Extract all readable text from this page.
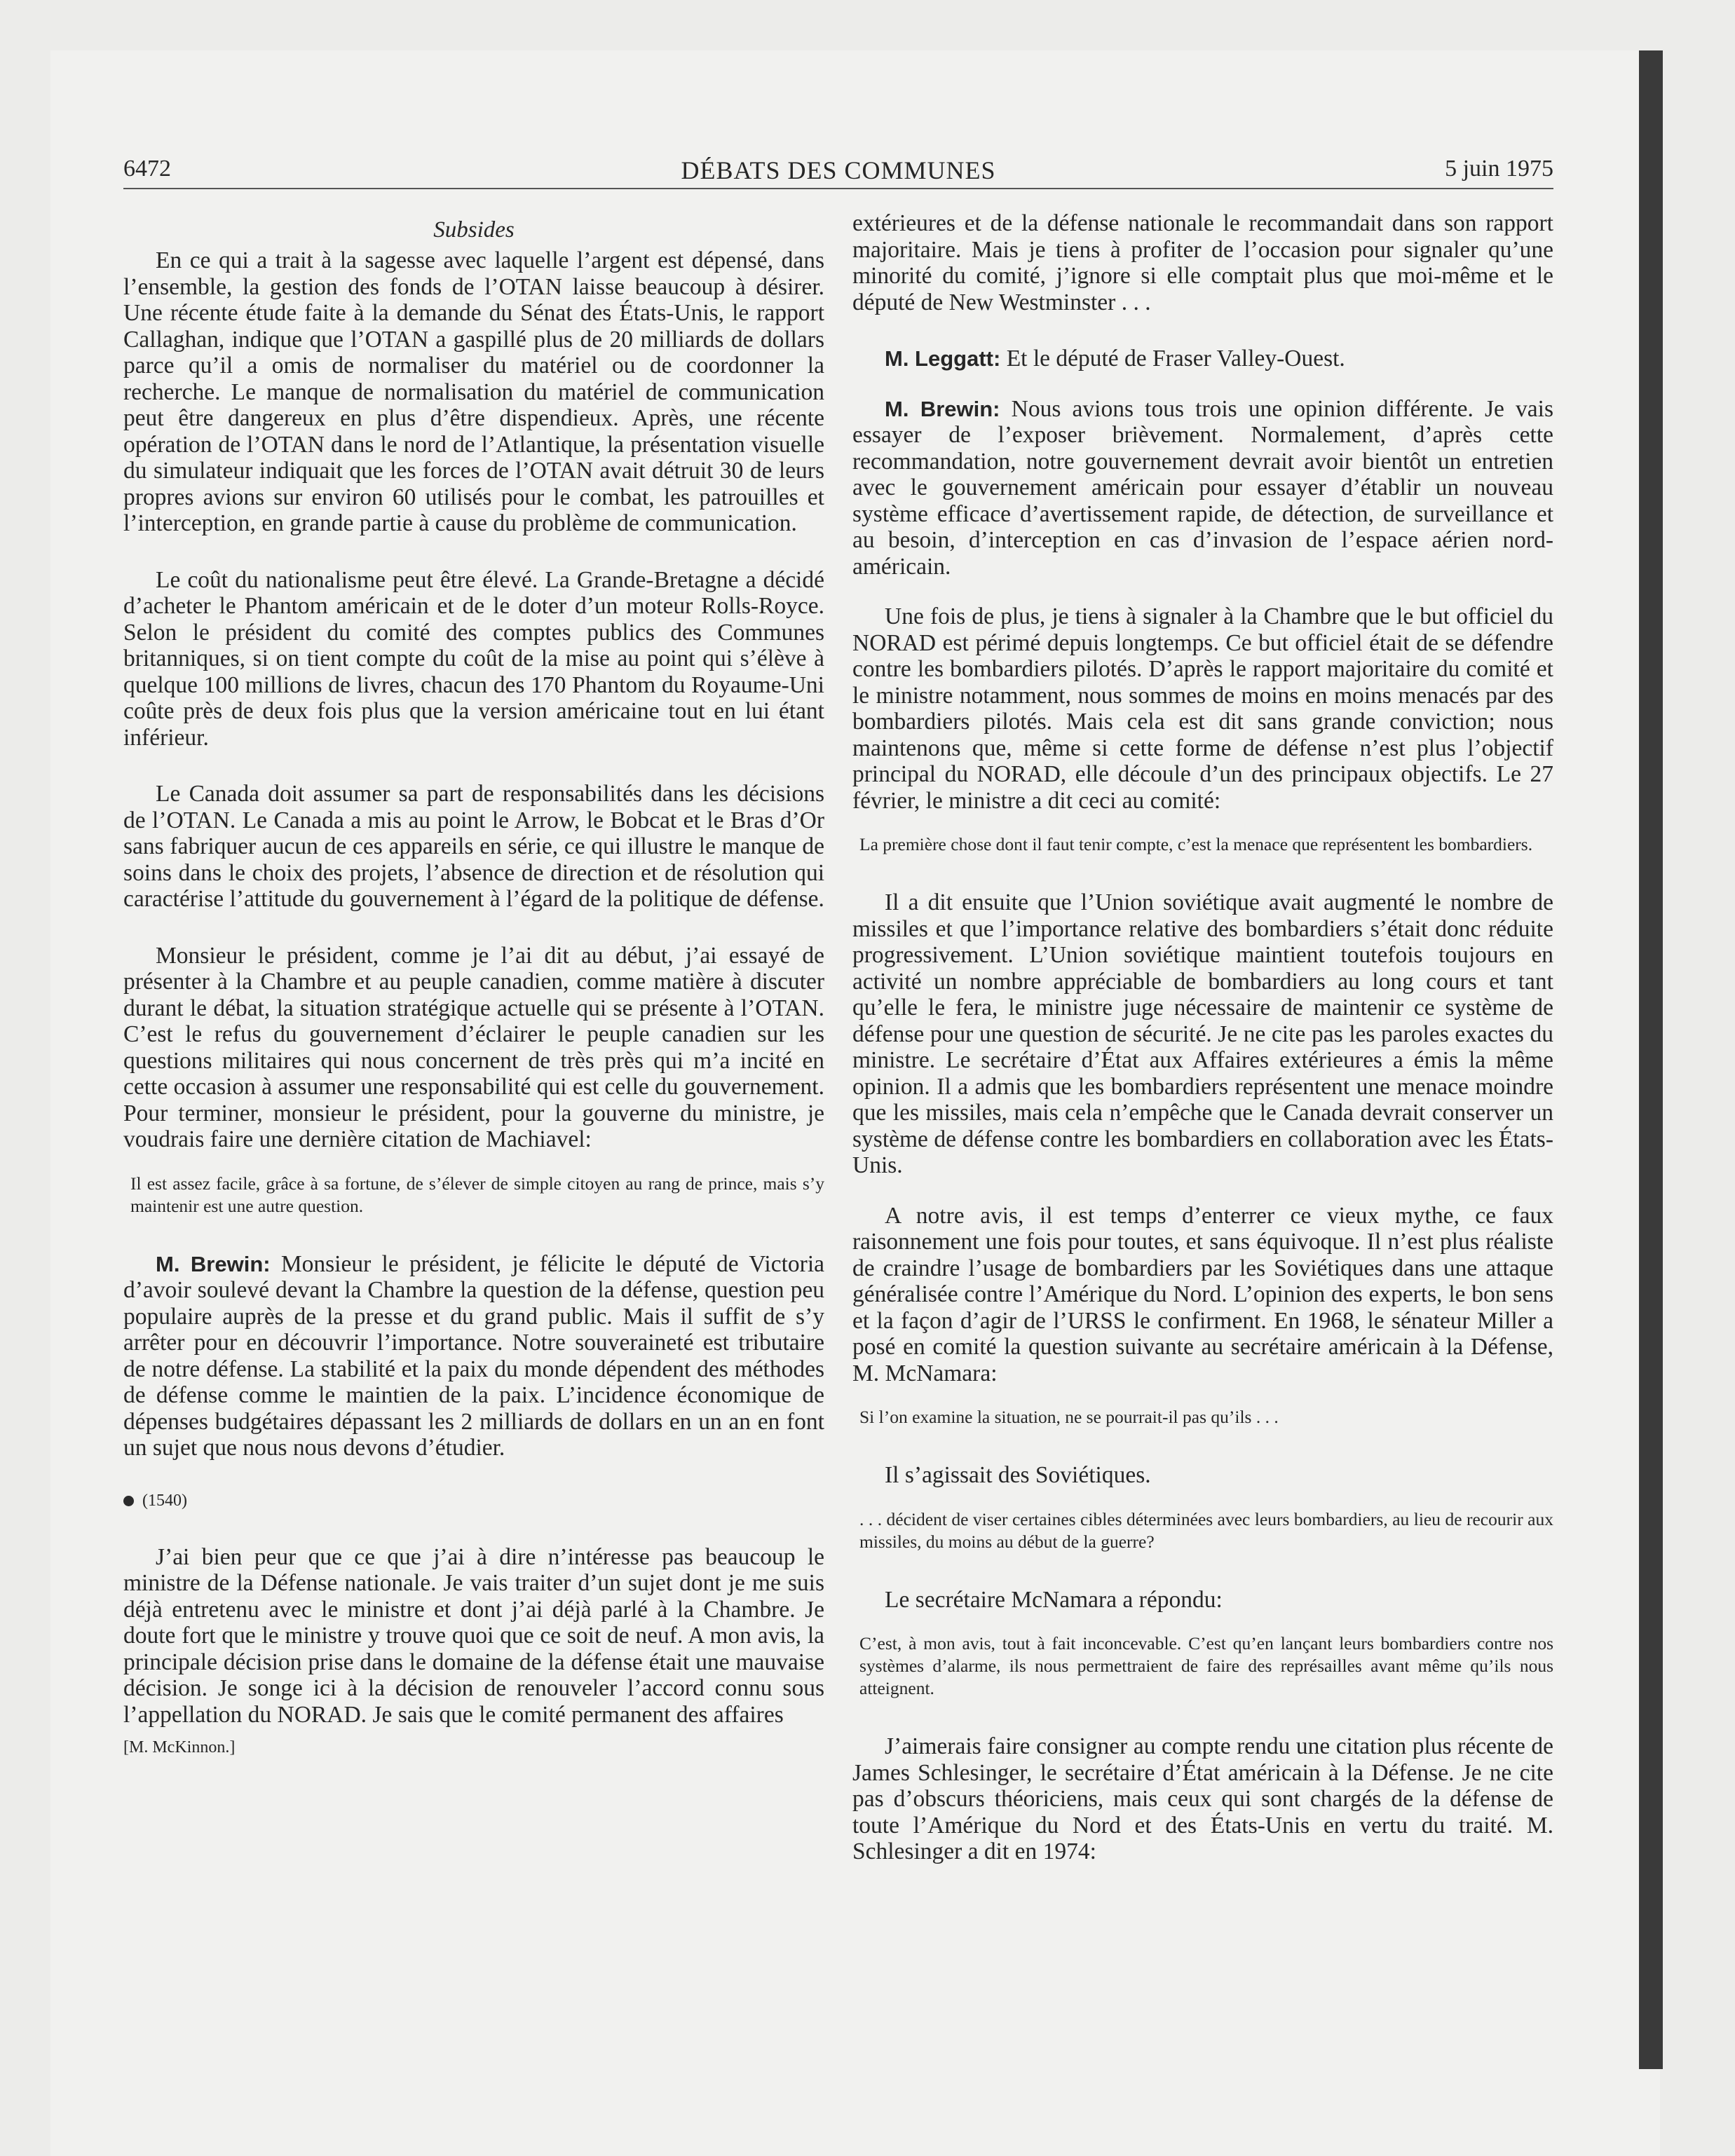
6472	DÉBATS DES COMMUNES	5 juin 1975
Subsides

En ce qui a trait à la sagesse avec laquelle l’argent est dépensé, dans l’ensemble, la gestion des fonds de l’OTAN laisse beaucoup à désirer. Une récente étude faite à la demande du Sénat des États-Unis, le rapport Callaghan, indique que l’OTAN a gaspillé plus de 20 milliards de dollars parce qu’il a omis de normaliser du matériel ou de coordonner la recherche. Le manque de normalisation du matériel de communication peut être dangereux en plus d’être dispendieux. Après, une récente opération de l’OTAN dans le nord de l’Atlantique, la présentation visuelle du simulateur indiquait que les forces de l’OTAN avait détruit 30 de leurs propres avions sur environ 60 utilisés pour le combat, les patrouilles et l’interception, en grande partie à cause du problème de communication.

Le coût du nationalisme peut être élevé. La Grande-Bretagne a décidé d’acheter le Phantom américain et de le doter d’un moteur Rolls-Royce. Selon le président du comité des comptes publics des Communes britanniques, si on tient compte du coût de la mise au point qui s’élève à quelque 100 millions de livres, chacun des 170 Phantom du Royaume-Uni coûte près de deux fois plus que la version américaine tout en lui étant inférieur.

Le Canada doit assumer sa part de responsabilités dans les décisions de l’OTAN. Le Canada a mis au point le Arrow, le Bobcat et le Bras d’Or sans fabriquer aucun de ces appareils en série, ce qui illustre le manque de soins dans le choix des projets, l’absence de direction et de résolution qui caractérise l’attitude du gouvernement à l’égard de la politique de défense.

Monsieur le président, comme je l’ai dit au début, j’ai essayé de présenter à la Chambre et au peuple canadien, comme matière à discuter durant le débat, la situation stratégique actuelle qui se présente à l’OTAN. C’est le refus du gouvernement d’éclairer le peuple canadien sur les questions militaires qui nous concernent de très près qui m’a incité en cette occasion à assumer une responsabilité qui est celle du gouvernement. Pour terminer, monsieur le président, pour la gouverne du ministre, je voudrais faire une dernière citation de Machiavel:

Il est assez facile, grâce à sa fortune, de s’élever de simple citoyen au rang de prince, mais s’y maintenir est une autre question.

M. Brewin: Monsieur le président, je félicite le député de Victoria d’avoir soulevé devant la Chambre la question de la défense, question peu populaire auprès de la presse et du grand public. Mais il suffit de s’y arrêter pour en découvrir l’importance. Notre souveraineté est tributaire de notre défense. La stabilité et la paix du monde dépendent des méthodes de défense comme le maintien de la paix. L’incidence économique de dépenses budgétaires dépassant les 2 milliards de dollars en un an en font un sujet que nous nous devons d’étudier.

(1540)

J’ai bien peur que ce que j’ai à dire n’intéresse pas beaucoup le ministre de la Défense nationale. Je vais traiter d’un sujet dont je me suis déjà entretenu avec le ministre et dont j’ai déjà parlé à la Chambre. Je doute fort que le ministre y trouve quoi que ce soit de neuf. A mon avis, la principale décision prise dans le domaine de la défense était une mauvaise décision. Je songe ici à la décision de renouveler l’accord connu sous l’appellation du NORAD. Je sais que le comité permanent des affaires

[M. McKinnon.]

extérieures et de la défense nationale le recommandait dans son rapport majoritaire. Mais je tiens à profiter de l’occasion pour signaler qu’une minorité du comité, j’ignore si elle comptait plus que moi-même et le député de New Westminster . . .

M. Leggatt: Et le député de Fraser Valley-Ouest.

M. Brewin: Nous avions tous trois une opinion différente. Je vais essayer de l’exposer brièvement. Normalement, d’après cette recommandation, notre gouvernement devrait avoir bientôt un entretien avec le gouvernement américain pour essayer d’établir un nouveau système efficace d’avertissement rapide, de détection, de surveillance et au besoin, d’interception en cas d’invasion de l’espace aérien nord-américain.

Une fois de plus, je tiens à signaler à la Chambre que le but officiel du NORAD est périmé depuis longtemps. Ce but officiel était de se défendre contre les bombardiers pilotés. D’après le rapport majoritaire du comité et le ministre notamment, nous sommes de moins en moins menacés par des bombardiers pilotés. Mais cela est dit sans grande conviction; nous maintenons que, même si cette forme de défense n’est plus l’objectif principal du NORAD, elle découle d’un des principaux objectifs. Le 27 février, le ministre a dit ceci au comité:

La première chose dont il faut tenir compte, c’est la menace que représentent les bombardiers.

Il a dit ensuite que l’Union soviétique avait augmenté le nombre de missiles et que l’importance relative des bombardiers s’était donc réduite progressivement. L’Union soviétique maintient toutefois toujours en activité un nombre appréciable de bombardiers au long cours et tant qu’elle le fera, le ministre juge nécessaire de maintenir ce système de défense pour une question de sécurité. Je ne cite pas les paroles exactes du ministre. Le secrétaire d’État aux Affaires extérieures a émis la même opinion. Il a admis que les bombardiers représentent une menace moindre que les missiles, mais cela n’empêche que le Canada devrait conserver un système de défense contre les bombardiers en collaboration avec les États-Unis.

A notre avis, il est temps d’enterrer ce vieux mythe, ce faux raisonnement une fois pour toutes, et sans équivoque. Il n’est plus réaliste de craindre l’usage de bombardiers par les Soviétiques dans une attaque généralisée contre l’Amérique du Nord. L’opinion des experts, le bon sens et la façon d’agir de l’URSS le confirment. En 1968, le sénateur Miller a posé en comité la question suivante au secrétaire américain à la Défense, M. McNamara:

Si l’on examine la situation, ne se pourrait-il pas qu’ils . . .

Il s’agissait des Soviétiques.

. . . décident de viser certaines cibles déterminées avec leurs bombardiers, au lieu de recourir aux missiles, du moins au début de la guerre?

Le secrétaire McNamara a répondu:

C’est, à mon avis, tout à fait inconcevable. C’est qu’en lançant leurs bombardiers contre nos systèmes d’alarme, ils nous permettraient de faire des représailles avant même qu’ils nous atteignent.

J’aimerais faire consigner au compte rendu une citation plus récente de James Schlesinger, le secrétaire d’État américain à la Défense. Je ne cite pas d’obscurs théoriciens, mais ceux qui sont chargés de la défense de toute l’Amérique du Nord et des États-Unis en vertu du traité. M. Schlesinger a dit en 1974:
